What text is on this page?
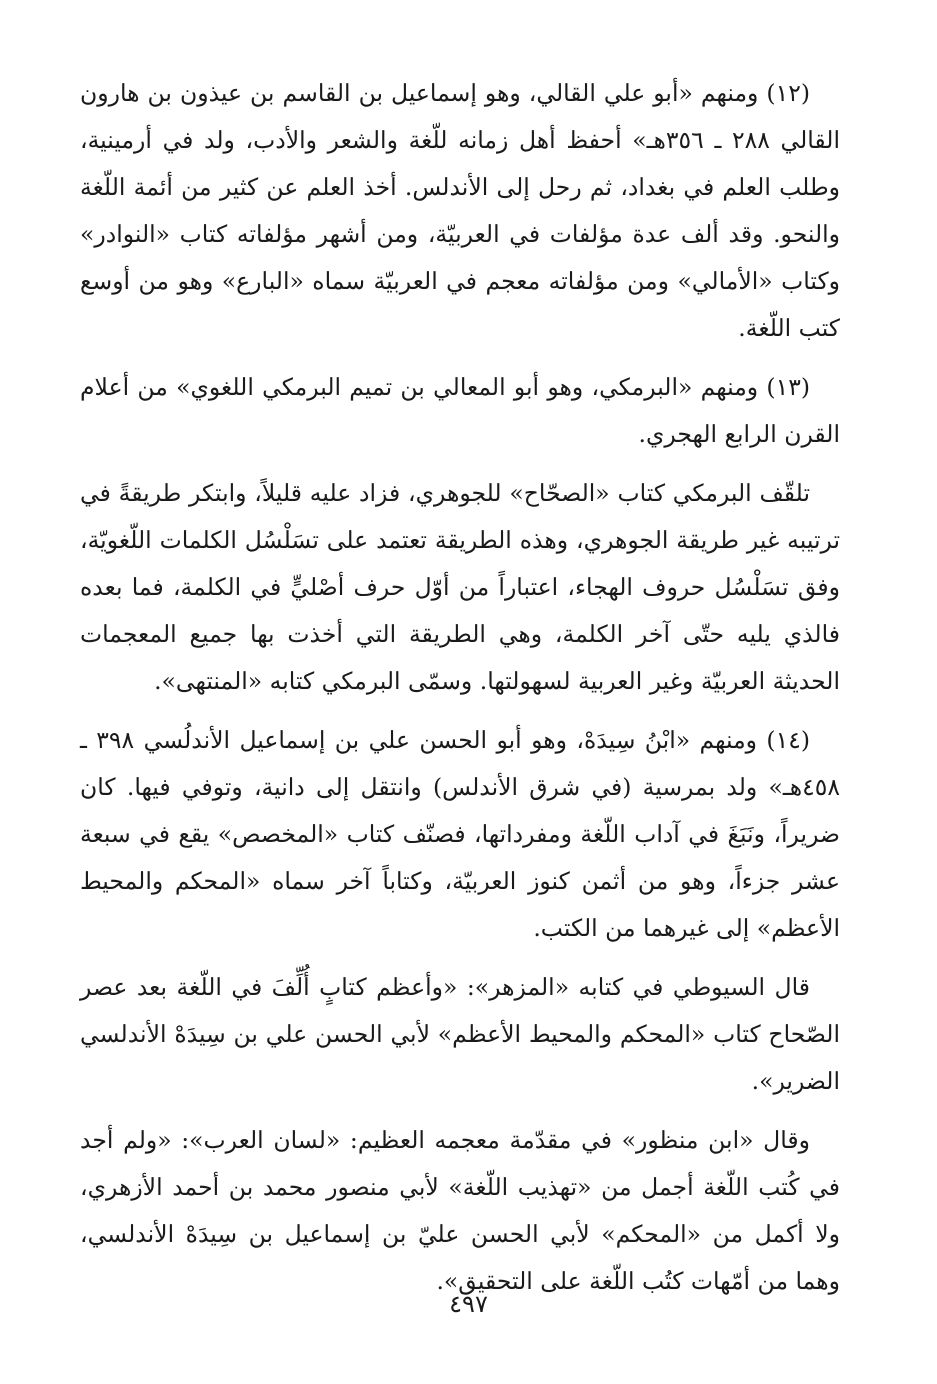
(١٢) ومنهم «أبو علي القالي، وهو إسماعيل بن القاسم بن عيذون بن هارون القالي ٢٨٨ ـ ٣٥٦هـ» أحفظ أهل زمانه للّغة والشعر والأدب، ولد في أرمينية، وطلب العلم في بغداد، ثم رحل إلى الأندلس. أخذ العلم عن كثير من أئمة اللّغة والنحو. وقد ألف عدة مؤلفات في العربيّة، ومن أشهر مؤلفاته كتاب «النوادر» وكتاب «الأمالي» ومن مؤلفاته معجم في العربيّة سماه «البارع» وهو من أوسع كتب اللّغة.

(١٣) ومنهم «البرمكي، وهو أبو المعالي بن تميم البرمكي اللغوي» من أعلام القرن الرابع الهجري.

تلقّف البرمكي كتاب «الصحّاح» للجوهري، فزاد عليه قليلاً، وابتكر طريقةً في ترتيبه غير طريقة الجوهري، وهذه الطريقة تعتمد على تسَلْسُل الكلمات اللّغويّة، وفق تسَلْسُل حروف الهجاء، اعتباراً من أوّل حرف أصْليٍّ في الكلمة، فما بعده فالذي يليه حتّى آخر الكلمة، وهي الطريقة التي أخذت بها جميع المعجمات الحديثة العربيّة وغير العربية لسهولتها. وسمّى البرمكي كتابه «المنتهى».

(١٤) ومنهم «ابْنُ سِيدَهْ، وهو أبو الحسن علي بن إسماعيل الأندلُسي ٣٩٨ ـ ٤٥٨هـ» ولد بمرسية (في شرق الأندلس) وانتقل إلى دانية، وتوفي فيها. كان ضريراً، ونَبَغَ في آداب اللّغة ومفرداتها، فصنّف كتاب «المخصص» يقع في سبعة عشر جزءاً، وهو من أثمن كنوز العربيّة، وكتاباً آخر سماه «المحكم والمحيط الأعظم» إلى غيرهما من الكتب.

قال السيوطي في كتابه «المزهر»: «وأعظم كتابٍ أُلِّفَ في اللّغة بعد عصر الصّحاح كتاب «المحكم والمحيط الأعظم» لأبي الحسن علي بن سِيدَهْ الأندلسي الضرير».

وقال «ابن منظور» في مقدّمة معجمه العظيم: «لسان العرب»: «ولم أجد في كُتب اللّغة أجمل من «تهذيب اللّغة» لأبي منصور محمد بن أحمد الأزهري، ولا أكمل من «المحكم» لأبي الحسن عليّ بن إسماعيل بن سِيدَهْ الأندلسي، وهما من أمّهات كتُب اللّغة على التحقيق».

٤٩٧
